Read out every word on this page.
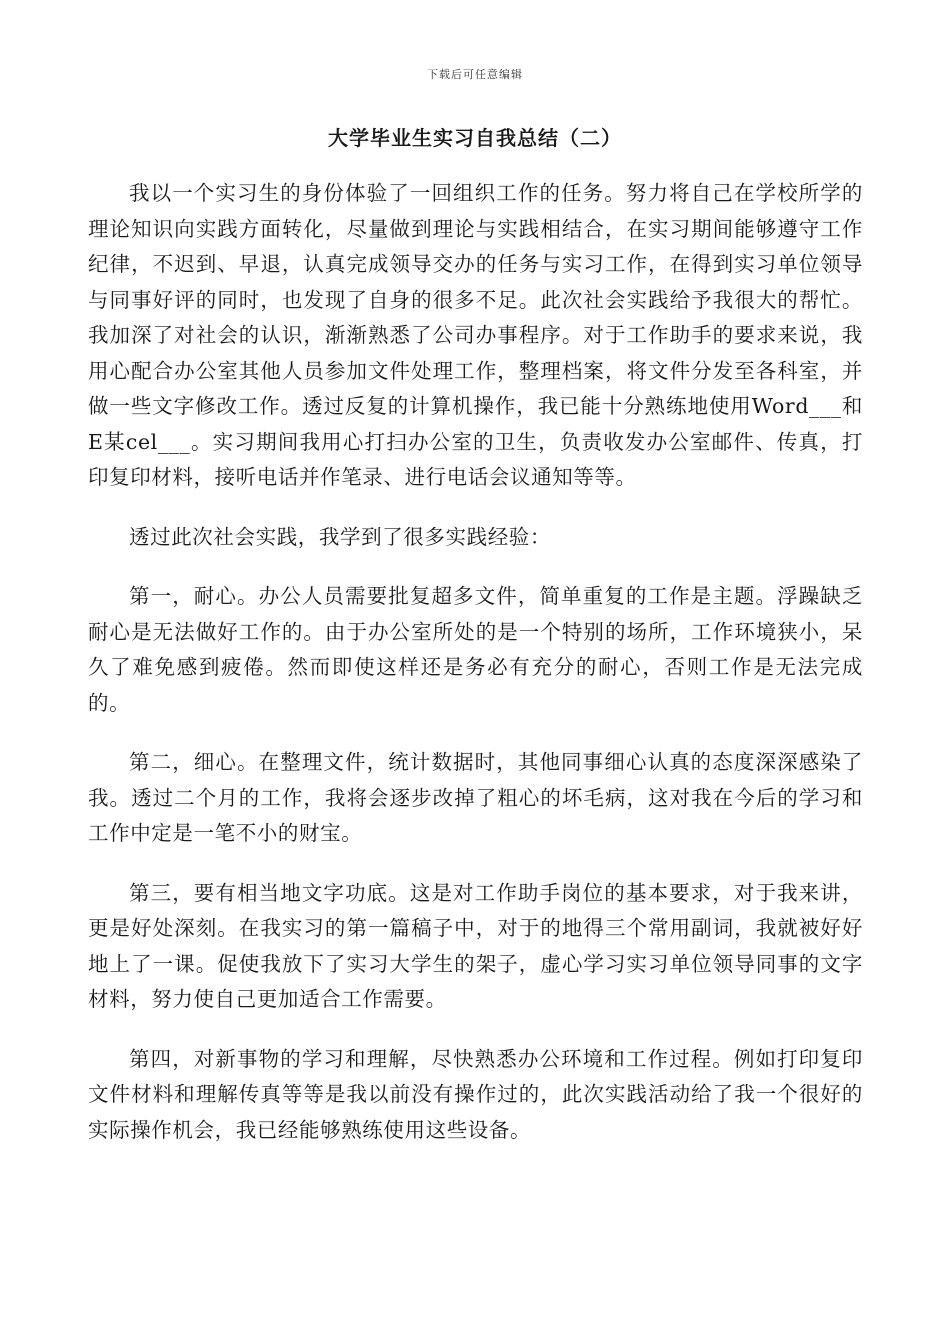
下载后可任意编辑
大学毕业生实习自我总结（二）

我以一个实习生的身份体验了一回组织工作的任务。努力将自己在学校所学的理论知识向实践方面转化，尽量做到理论与实践相结合，在实习期间能够遵守工作纪律，不迟到、早退，认真完成领导交办的任务与实习工作，在得到实习单位领导与同事好评的同时，也发现了自身的很多不足。此次社会实践给予我很大的帮忙。我加深了对社会的认识，渐渐熟悉了公司办事程序。对于工作助手的要求来说，我用心配合办公室其他人员参加文件处理工作，整理档案，将文件分发至各科室，并做一些文字修改工作。透过反复的计算机操作，我已能十分熟练地使用Word___和E某cel___。实习期间我用心打扫办公室的卫生，负责收发办公室邮件、传真，打印复印材料，接听电话并作笔录、进行电话会议通知等等。

透过此次社会实践，我学到了很多实践经验：

第一，耐心。办公人员需要批复超多文件，简单重复的工作是主题。浮躁缺乏耐心是无法做好工作的。由于办公室所处的是一个特别的场所，工作环境狭小，呆久了难免感到疲倦。然而即使这样还是务必有充分的耐心，否则工作是无法完成的。

第二，细心。在整理文件，统计数据时，其他同事细心认真的态度深深感染了我。透过二个月的工作，我将会逐步改掉了粗心的坏毛病，这对我在今后的学习和工作中定是一笔不小的财宝。

第三，要有相当地文字功底。这是对工作助手岗位的基本要求，对于我来讲，更是好处深刻。在我实习的第一篇稿子中，对于的地得三个常用副词，我就被好好地上了一课。促使我放下了实习大学生的架子，虚心学习实习单位领导同事的文字材料，努力使自己更加适合工作需要。

第四，对新事物的学习和理解，尽快熟悉办公环境和工作过程。例如打印复印文件材料和理解传真等等是我以前没有操作过的，此次实践活动给了我一个很好的实际操作机会，我已经能够熟练使用这些设备。
